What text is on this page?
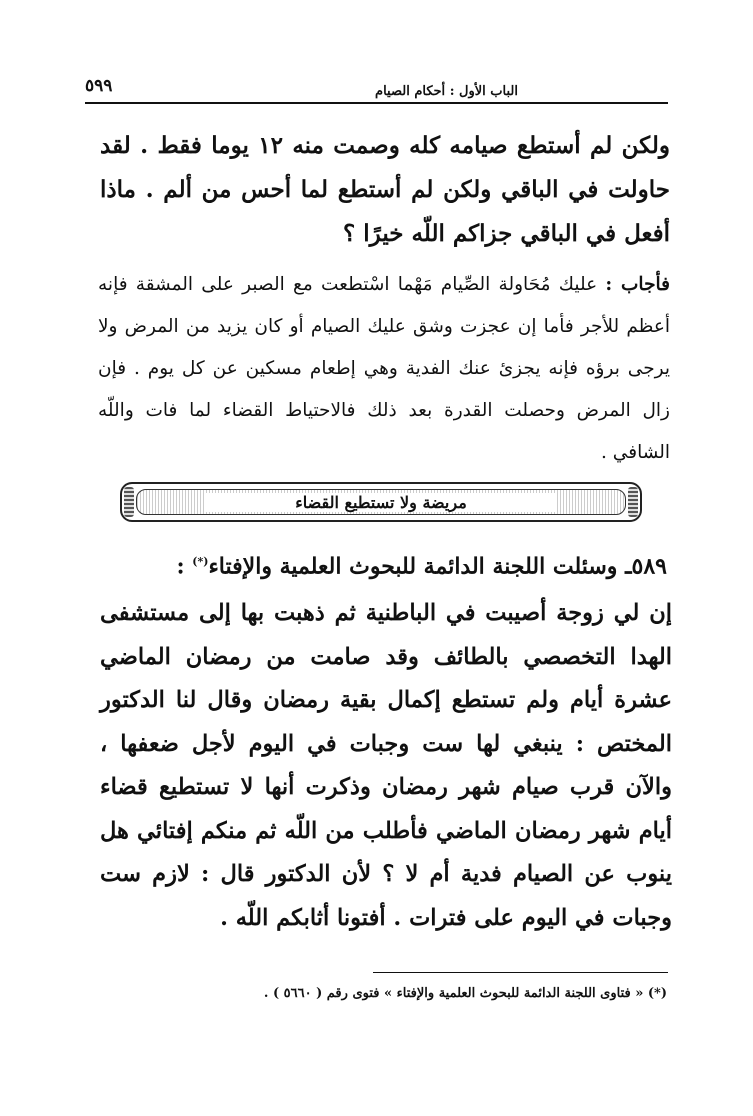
الباب الأول : أحكام الصيام
٥٩٩
ولكن لم أستطع صيامه كله وصمت منه ١٢ يوما فقط . لقد حاولت في الباقي ولكن لم أستطع لما أحس من ألم . ماذا أفعل في الباقي جزاكم اللّه خيرًا ؟
فأجاب : عليك مُحَاولة الصِّيام مَهْما اسْتطعت مع الصبر على المشقة فإنه أعظم للأجر فأما إن عجزت وشق عليك الصيام أو كان يزيد من المرض ولا يرجى برؤه فإنه يجزئ عنك الفدية وهي إطعام مسكين عن كل يوم . فإن زال المرض وحصلت القدرة بعد ذلك فالاحتياط القضاء لما فات واللّه الشافي .
مريضة ولا تستطيع القضاء
٥٨٩ـ وسئلت اللجنة الدائمة للبحوث العلمية والإفتاء(*) :
إن لي زوجة أصيبت في الباطنية ثم ذهبت بها إلى مستشفى الهدا التخصصي بالطائف وقد صامت من رمضان الماضي عشرة أيام ولم تستطع إكمال بقية رمضان وقال لنا الدكتور المختص : ينبغي لها ست وجبات في اليوم لأجل ضعفها ، والآن قرب صيام شهر رمضان وذكرت أنها لا تستطيع قضاء أيام شهر رمضان الماضي فأطلب من اللّه ثم منكم إفتائي هل ينوب عن الصيام فدية أم لا ؟ لأن الدكتور قال : لازم ست وجبات في اليوم على فترات . أفتونا أثابكم اللّه .
(*) « فتاوى اللجنة الدائمة للبحوث العلمية والإفتاء » فتوى رقم ( ٥٦٦٠ ) .
